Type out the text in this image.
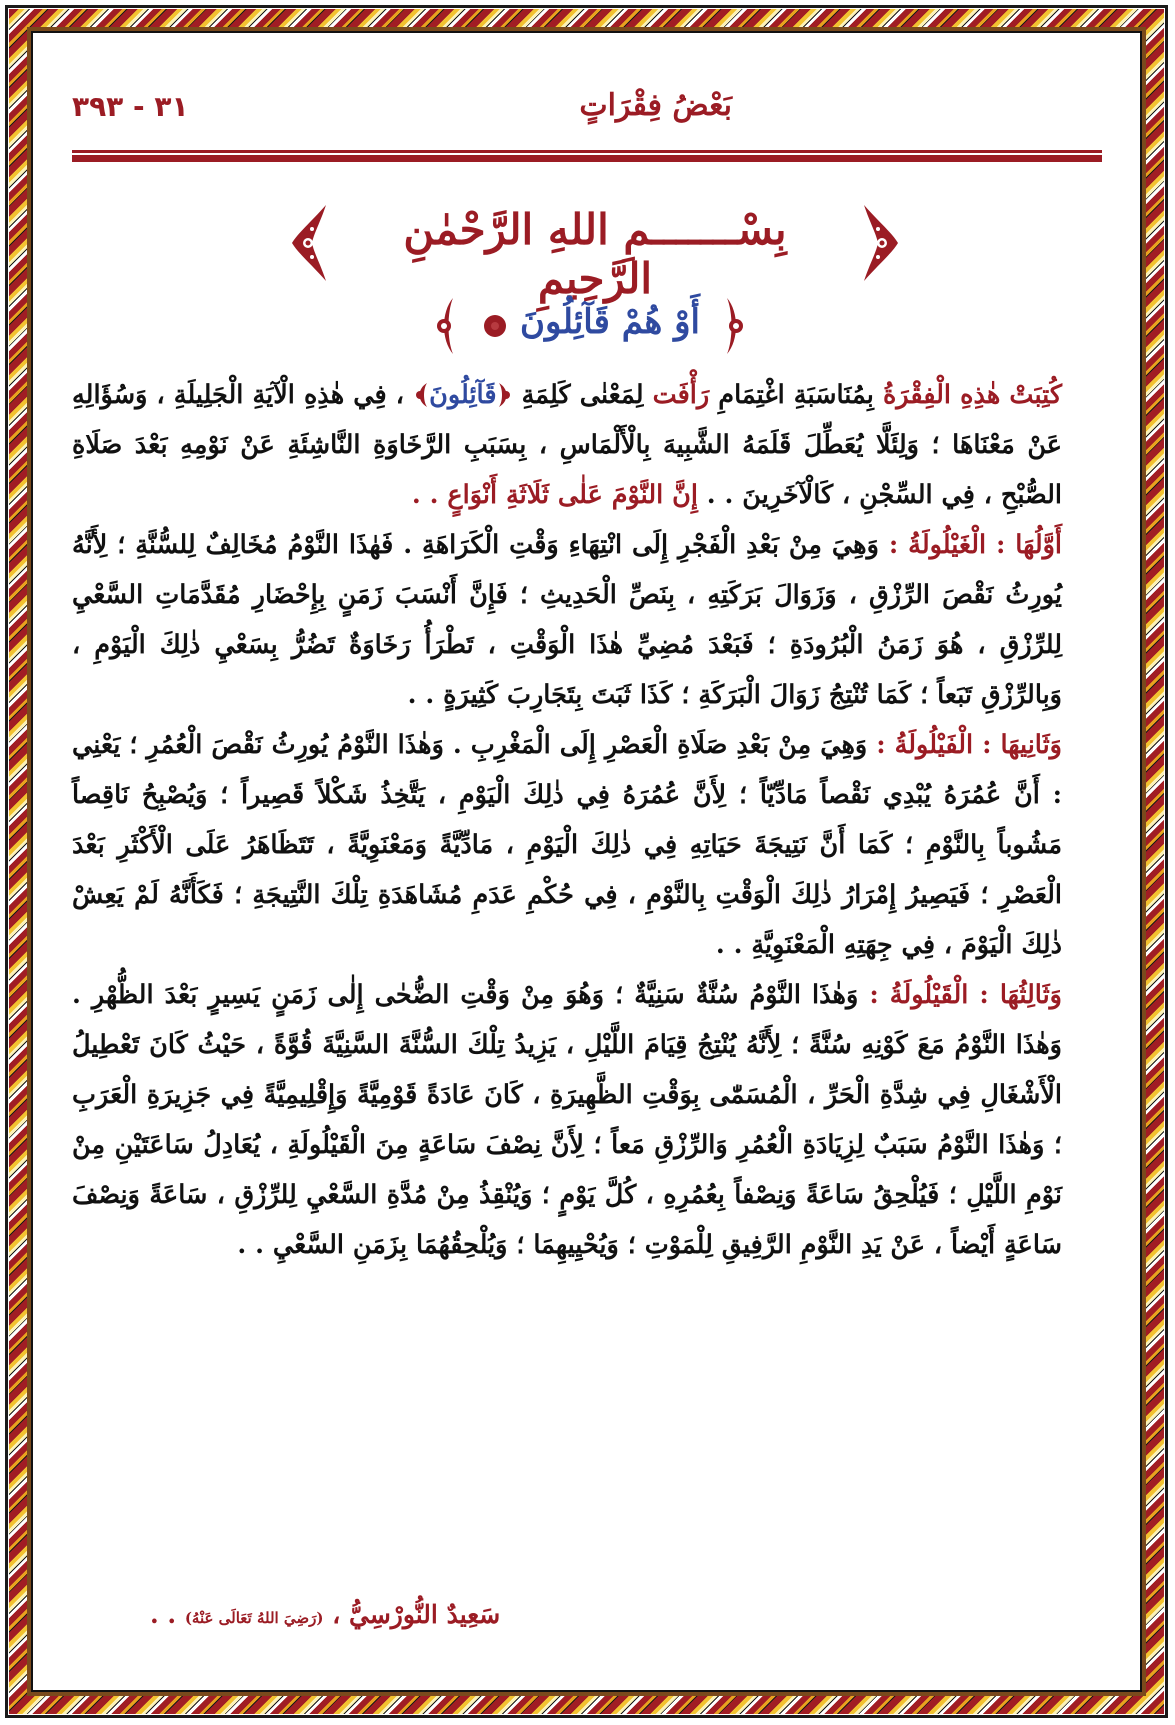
بَعْضُ فِقْرَاتٍ
٣١ - ٣٩٣
بِسْـــــــمِ اللهِ الرَّحْمٰنِ الرَّحِيمِ
أَوْ هُمْ قَآئِلُونَ

كُتِبَتْ هٰذِهِ الْفِقْرَةُ بِمُنَاسَبَةِ اغْتِمَامِ رَأْفَت لِمَعْنٰى كَلِمَةِ قَآئِلُونَ ، فِي هٰذِهِ الْآيَةِ الْجَلِيلَةِ ، وَسُؤَالِهِ عَنْ مَعْنَاهَا ؛ وَلِئَلَّا يُعَطِّلَ قَلَمَهُ الشَّبِيهَ بِالْأَلْمَاسِ ، بِسَبَبِ الرَّخَاوَةِ النَّاشِئَةِ عَنْ نَوْمِهِ بَعْدَ صَلَاةِ الصُّبْحِ ، فِي السِّجْنِ ، كَالْآخَرِينَ . . إِنَّ النَّوْمَ عَلٰى ثَلَاثَةِ أَنْوَاعٍ . .

أَوَّلُهَا : الْغَيْلُولَةُ : وَهِيَ مِنْ بَعْدِ الْفَجْرِ إِلَى انْتِهَاءِ وَقْتِ الْكَرَاهَةِ . فَهٰذَا النَّوْمُ مُخَالِفٌ لِلسُّنَّةِ ؛ لِأَنَّهُ يُورِثُ نَقْصَ الرِّزْقِ ، وَزَوَالَ بَرَكَتِهِ ، بِنَصِّ الْحَدِيثِ ؛ فَإِنَّ أَنْسَبَ زَمَنٍ بِإِحْضَارِ مُقَدَّمَاتِ السَّعْيِ لِلرِّزْقِ ، هُوَ زَمَنُ الْبُرُودَةِ ؛ فَبَعْدَ مُضِيِّ هٰذَا الْوَقْتِ ، تَطْرَأُ رَخَاوَةٌ تَضُرُّ بِسَعْيِ ذٰلِكَ الْيَوْمِ ، وَبِالرِّزْقِ تَبَعاً ؛ كَمَا تُنْتِجُ زَوَالَ الْبَرَكَةِ ؛ كَذَا ثَبَتَ بِتَجَارِبَ كَثِيرَةٍ . .

وَثَانِيهَا : الْفَيْلُولَةُ : وَهِيَ مِنْ بَعْدِ صَلَاةِ الْعَصْرِ إِلَى الْمَغْرِبِ . وَهٰذَا النَّوْمُ يُورِثُ نَقْصَ الْعُمُرِ ؛ يَعْنِي : أَنَّ عُمُرَهُ يُبْدِي نَقْصاً مَادِّيّاً ؛ لِأَنَّ عُمُرَهُ فِي ذٰلِكَ الْيَوْمِ ، يَتَّخِذُ شَكْلاً قَصِيراً ؛ وَيُصْبِحُ نَاقِصاً مَشُوباً بِالنَّوْمِ ؛ كَمَا أَنَّ نَتِيجَةَ حَيَاتِهِ فِي ذٰلِكَ الْيَوْمِ ، مَادِّيَّةً وَمَعْنَوِيَّةً ، تَتَظَاهَرُ عَلَى الْأَكْثَرِ بَعْدَ الْعَصْرِ ؛ فَيَصِيرُ إِمْرَارُ ذٰلِكَ الْوَقْتِ بِالنَّوْمِ ، فِي حُكْمِ عَدَمِ مُشَاهَدَةِ تِلْكَ النَّتِيجَةِ ؛ فَكَأَنَّهُ لَمْ يَعِشْ ذٰلِكَ الْيَوْمَ ، فِي جِهَتِهِ الْمَعْنَوِيَّةِ . .

وَثَالِثُهَا : الْقَيْلُولَةُ : وَهٰذَا النَّوْمُ سُنَّةٌ سَنِيَّةٌ ؛ وَهُوَ مِنْ وَقْتِ الضُّحٰى إِلٰى زَمَنٍ يَسِيرٍ بَعْدَ الظُّهْرِ . وَهٰذَا النَّوْمُ مَعَ كَوْنِهِ سُنَّةً ؛ لِأَنَّهُ يُنْتِجُ قِيَامَ اللَّيْلِ ، يَزِيدُ تِلْكَ السُّنَّةَ السَّنِيَّةَ قُوَّةً ، حَيْثُ كَانَ تَعْطِيلُ الْأَشْغَالِ فِي شِدَّةِ الْحَرِّ ، الْمُسَمّٰى بِوَقْتِ الظَّهِيرَةِ ، كَانَ عَادَةً قَوْمِيَّةً وَإِقْلِيمِيَّةً فِي جَزِيرَةِ الْعَرَبِ ؛ وَهٰذَا النَّوْمُ سَبَبٌ لِزِيَادَةِ الْعُمُرِ وَالرِّزْقِ مَعاً ؛ لِأَنَّ نِصْفَ سَاعَةٍ مِنَ الْقَيْلُولَةِ ، يُعَادِلُ سَاعَتَيْنِ مِنْ نَوْمِ اللَّيْلِ ؛ فَيُلْحِقُ سَاعَةً وَنِصْفاً بِعُمُرِهِ ، كُلَّ يَوْمٍ ؛ وَيُنْقِذُ مِنْ مُدَّةِ السَّعْيِ لِلرِّزْقِ ، سَاعَةً وَنِصْفَ سَاعَةٍ أَيْضاً ، عَنْ يَدِ النَّوْمِ الرَّفِيقِ لِلْمَوْتِ ؛ وَيُحْيِيهِمَا ؛ وَيُلْحِقُهُمَا بِزَمَنِ السَّعْيِ . .

سَعِيدٌ النُّورْسِيُّ ، (رَضِيَ اللهُ تَعَالَى عَنْهُ) . .
